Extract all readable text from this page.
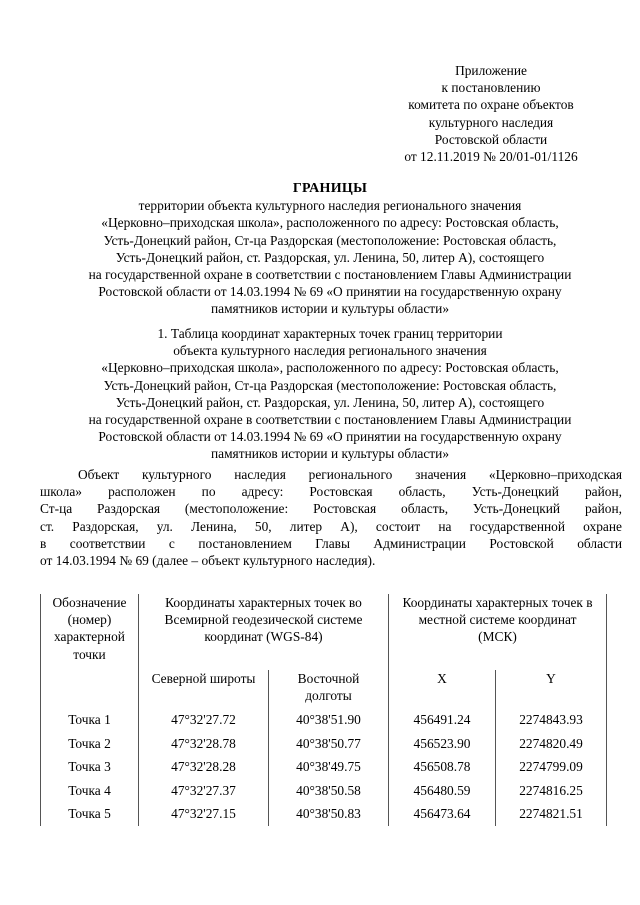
Приложение
к постановлению
комитета по охране объектов
культурного наследия
Ростовской области
от 12.11.2019 № 20/01-01/1126
ГРАНИЦЫ
территории объекта культурного наследия регионального значения
«Церковно–приходская школа», расположенного по адресу: Ростовская область,
Усть-Донецкий район, Ст-ца Раздорская (местоположение: Ростовская область,
Усть-Донецкий район, ст. Раздорская, ул. Ленина, 50, литер А), состоящего
на государственной охране в соответствии с постановлением Главы Администрации
Ростовской области от 14.03.1994 № 69 «О принятии на государственную охрану
памятников истории и культуры области»
1. Таблица координат характерных точек границ территории
объекта культурного наследия регионального значения
«Церковно–приходская школа», расположенного по адресу: Ростовская область,
Усть-Донецкий район, Ст-ца Раздорская (местоположение: Ростовская область,
Усть-Донецкий район, ст. Раздорская, ул. Ленина, 50, литер А), состоящего
на государственной охране в соответствии с постановлением Главы Администрации
Ростовской области от 14.03.1994 № 69 «О принятии на государственную охрану
памятников истории и культуры области»
Объект культурного наследия регионального значения «Церковно–приходская
школа» расположен по адресу: Ростовская область, Усть-Донецкий район,
Ст-ца Раздорская (местоположение: Ростовская область, Усть-Донецкий район,
ст. Раздорская, ул. Ленина, 50, литер А), состоит на государственной охране
в соответствии с постановлением Главы Администрации Ростовской области
от 14.03.1994 № 69 (далее – объект культурного наследия).
Обозначение (номер) характерной точки	Координаты характерных точек во Всемирной геодезической системе координат (WGS-84)		Координаты характерных точек в местной системе координат (МСК)	
	Северной широты	Восточной долготы	X	Y
Точка 1	47°32'27.72	40°38'51.90	456491.24	2274843.93
Точка 2	47°32'28.78	40°38'50.77	456523.90	2274820.49
Точка 3	47°32'28.28	40°38'49.75	456508.78	2274799.09
Точка 4	47°32'27.37	40°38'50.58	456480.59	2274816.25
Точка 5	47°32'27.15	40°38'50.83	456473.64	2274821.51
